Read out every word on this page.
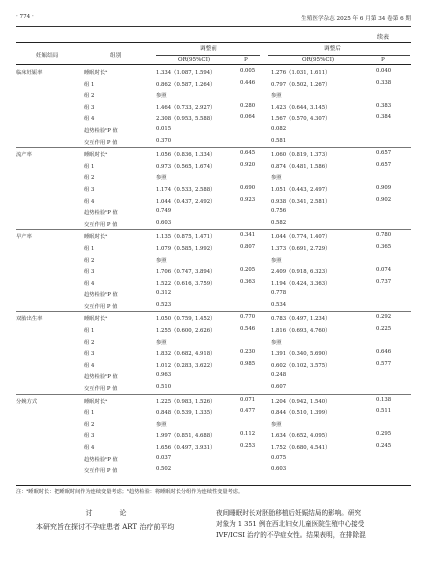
· 774 ·	生殖医学杂志 2025 年 6 月第 34 卷第 6 期
续表
妊娠结局	组别
调整前	调整后
OR(95%CI)	P	OR(95%CI)	P
临床妊娠率	睡眠时长ᵃ	1.334（1.087, 1.594）	0.005	1.276（1.031, 1.611）	0.040
组 1	0.862（0.587, 1.264）	0.446	0.797（0.502, 1.267）	0.338
组 2	参照	参照
组 3	1.464（0.733, 2.927）	0.280	1.423（0.644, 3.145）	0.383
组 4	2.308（0.953, 5.588）	0.064	1.567（0.570, 4.307）	0.384
趋势检验ᵇP 值	0.015	0.082
交互作用 P 值	0.370	0.581
流产率	睡眠时长ᵃ	1.056（0.836, 1.334）	0.645	1.060（0.819, 1.373）	0.657
组 1	0.973（0.565, 1.674）	0.920	0.874（0.481, 1.586）	0.657
组 2	参照	参照
组 3	1.174（0.533, 2.588）	0.690	1.051（0.443, 2.497）	0.909
组 4	1.044（0.437, 2.492）	0.923	0.938（0.341, 2.581）	0.902
趋势检验ᵇP 值	0.749	0.756
交互作用 P 值	0.603	0.582
早产率	睡眠时长ᵃ	1.135（0.875, 1.471）	0.341	1.044（0.774, 1.407）	0.780
组 1	1.079（0.585, 1.992）	0.807	1.373（0.691, 2.729）	0.365
组 2	参照	参照
组 3	1.706（0.747, 3.894）	0.205	2.409（0.918, 6.323）	0.074
组 4	1.522（0.616, 3.759）	0.363	1.194（0.424, 3.363）	0.737
趋势检验ᵇP 值	0.312	0.778
交互作用 P 值	0.523	0.534
双胎出生率	睡眠时长ᵃ	1.050（0.759, 1.452）	0.770	0.783（0.497, 1.234）	0.292
组 1	1.255（0.600, 2.626）	0.546	1.816（0.693, 4.760）	0.225
组 2	参照	参照
组 3	1.832（0.682, 4.918）	0.230	1.391（0.340, 5.690）	0.646
组 4	1.012（0.283, 3.622）	0.985	0.602（0.102, 3.575）	0.577
趋势检验ᵇP 值	0.963	0.248
交互作用 P 值	0.510	0.607
分娩方式	睡眠时长ᵃ	1.225（0.983, 1.526）	0.071	1.204（0.942, 1.540）	0.138
组 1	0.848（0.539, 1.335）	0.477	0.844（0.510, 1.399）	0.511
组 2	参照	参照
组 3	1.997（0.851, 4.688）	0.112	1.634（0.652, 4.095）	0.295
组 4	1.656（0.497, 3.931）	0.253	1.752（0.680, 4.541）	0.245
趋势检验ᵇP 值	0.037	0.075
交互作用 P 值	0.502	0.603
注：ᵃ睡眠时长：把睡眠时间作为连续变量考虑；ᵇ趋势检验：将睡眠时长分组作为连续性变量考虑。
讨　论

本研究旨在探讨不孕症患者 ART 治疗前平均

夜间睡眠时长对胚胎移植后妊娠结局的影响。研究

对象为 1 351 例在西北妇女儿童医院生殖中心接受

IVF/ICSI 治疗的不孕症女性。结果表明，在排除混
